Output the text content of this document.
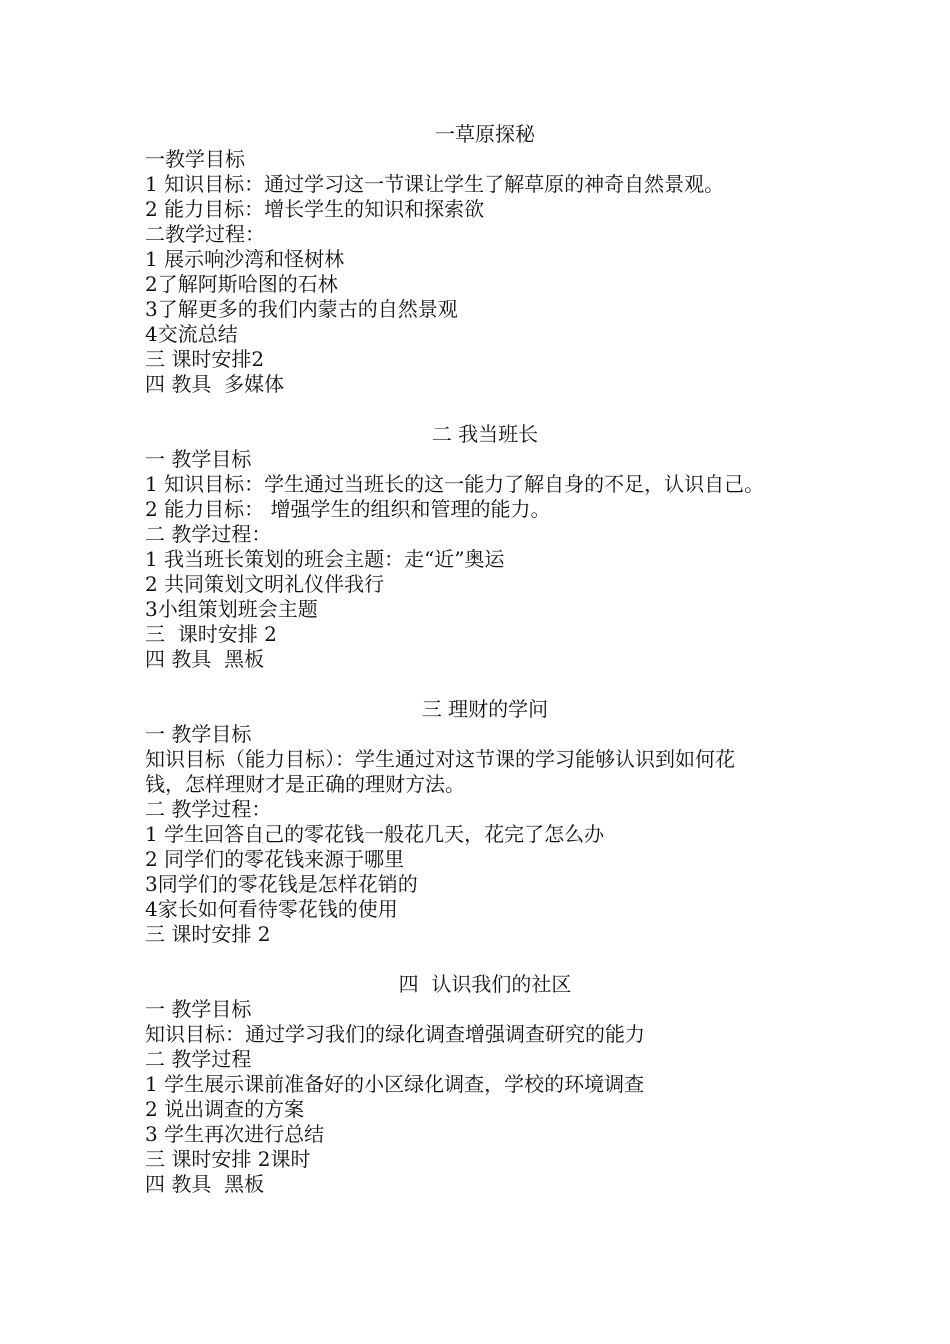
一草原探秘

一教学目标

1 知识目标：通过学习这一节课让学生了解草原的神奇自然景观。

2 能力目标：增长学生的知识和探索欲

二教学过程：

1 展示响沙湾和怪树林

2了解阿斯哈图的石林

3了解更多的我们内蒙古的自然景观

4交流总结

三 课时安排2

四 教具  多媒体

二 我当班长

一 教学目标

1 知识目标：学生通过当班长的这一能力了解自身的不足，认识自己。

2 能力目标： 增强学生的组织和管理的能力。

二 教学过程：

1 我当班长策划的班会主题：走“近”奥运

2 共同策划文明礼仪伴我行

3小组策划班会主题

三  课时安排 2

四 教具  黑板

三 理财的学问

一 教学目标

知识目标（能力目标）：学生通过对这节课的学习能够认识到如何花

钱，怎样理财才是正确的理财方法。

二 教学过程：

1 学生回答自己的零花钱一般花几天，花完了怎么办

2 同学们的零花钱来源于哪里

3同学们的零花钱是怎样花销的

4家长如何看待零花钱的使用

三 课时安排 2

四  认识我们的社区

一 教学目标

知识目标：通过学习我们的绿化调查增强调查研究的能力

二 教学过程

1 学生展示课前准备好的小区绿化调查，学校的环境调查

2 说出调查的方案

3 学生再次进行总结

三 课时安排 2课时

四 教具  黑板
